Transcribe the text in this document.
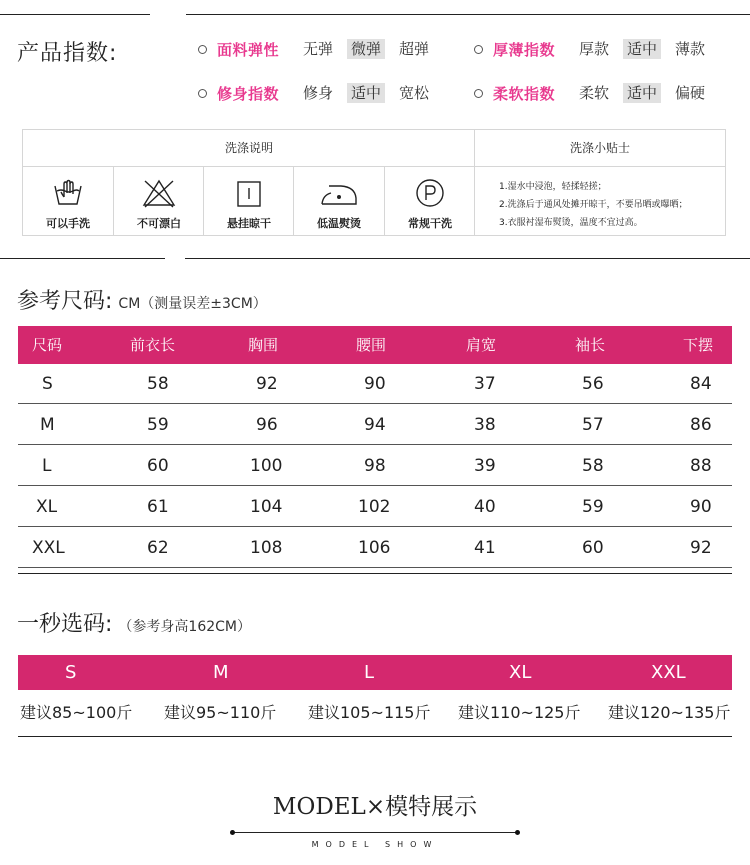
产品指数:	面料弹性 无弹 微弹 超弹	厚薄指数 厚款 适中 薄款
修身指数 修身 适中 宽松	柔软指数 柔软 适中 偏硬
洗涤说明	洗涤小贴士
可以手洗	不可漂白	悬挂晾干	低温熨烫	常规干洗
1.湿水中浸泡，轻揉轻搓；
2.洗涤后于通风处摊开晾干，不要吊晒或曝晒；
3.衣服衬湿布熨烫，温度不宜过高。
参考尺码: CM（测量误差±3CM）
尺码	前衣长	胸围	腰围	肩宽	袖长	下摆
S	58	92	90	37	56	84
M	59	96	94	38	57	86
L	60	100	98	39	58	88
XL	61	104	102	40	59	90
XXL	62	108	106	41	60	92
一秒选码: （参考身高162CM）
S	M	L	XL	XXL
建议85~100斤 建议95~110斤 建议105~115斤 建议110~125斤 建议120~135斤
MODEL×模特展示
MODEL SHOW
